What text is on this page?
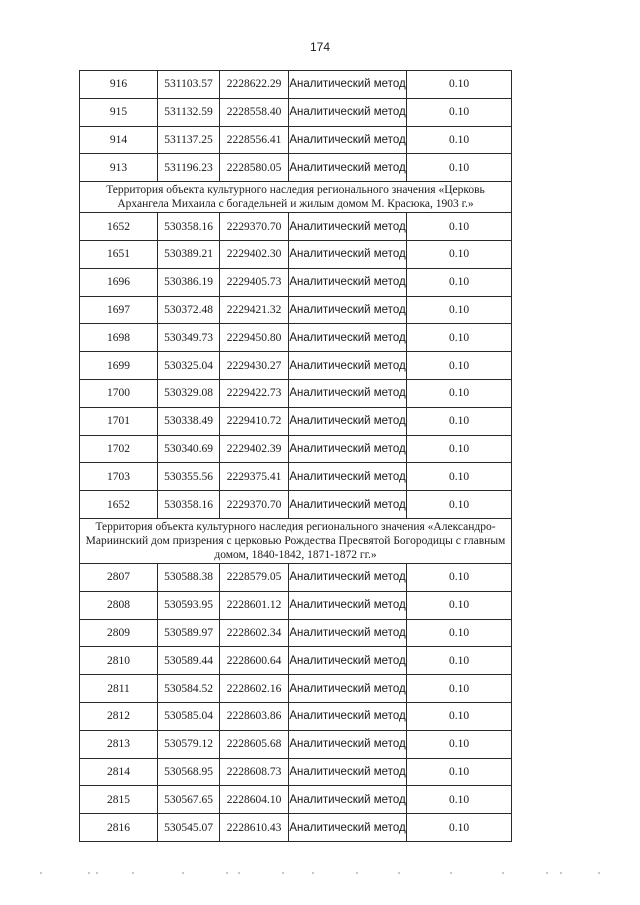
174
916	531103.57	2228622.29	Аналитический метод	0.10
915	531132.59	2228558.40	Аналитический метод	0.10
914	531137.25	2228556.41	Аналитический метод	0.10
913	531196.23	2228580.05	Аналитический метод	0.10
Территория объекта культурного наследия регионального значения «Церковь Архангела Михаила с богадельней и жилым домом М. Красюка, 1903 г.»				
1652	530358.16	2229370.70	Аналитический метод	0.10
1651	530389.21	2229402.30	Аналитический метод	0.10
1696	530386.19	2229405.73	Аналитический метод	0.10
1697	530372.48	2229421.32	Аналитический метод	0.10
1698	530349.73	2229450.80	Аналитический метод	0.10
1699	530325.04	2229430.27	Аналитический метод	0.10
1700	530329.08	2229422.73	Аналитический метод	0.10
1701	530338.49	2229410.72	Аналитический метод	0.10
1702	530340.69	2229402.39	Аналитический метод	0.10
1703	530355.56	2229375.41	Аналитический метод	0.10
1652	530358.16	2229370.70	Аналитический метод	0.10
Территория объекта культурного наследия регионального значения «Александро-Мариинский дом призрения с церковью Рождества Пресвятой Богородицы с главным домом, 1840-1842, 1871-1872 гг.»				
2807	530588.38	2228579.05	Аналитический метод	0.10
2808	530593.95	2228601.12	Аналитический метод	0.10
2809	530589.97	2228602.34	Аналитический метод	0.10
2810	530589.44	2228600.64	Аналитический метод	0.10
2811	530584.52	2228602.16	Аналитический метод	0.10
2812	530585.04	2228603.86	Аналитический метод	0.10
2813	530579.12	2228605.68	Аналитический метод	0.10
2814	530568.95	2228608.73	Аналитический метод	0.10
2815	530567.65	2228604.10	Аналитический метод	0.10
2816	530545.07	2228610.43	Аналитический метод	0.10
